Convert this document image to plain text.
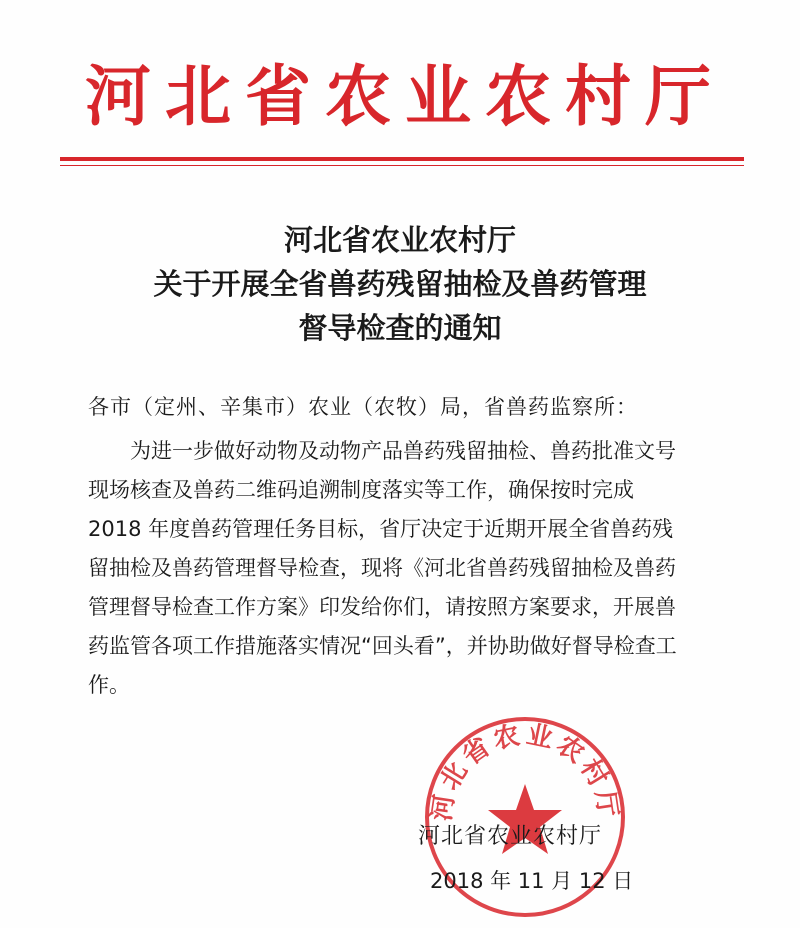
河北省农业农村厅
河北省农业农村厅
关于开展全省兽药残留抽检及兽药管理
督导检查的通知
各市（定州、辛集市）农业（农牧）局，省兽药监察所：
　　为进一步做好动物及动物产品兽药残留抽检、兽药批准文号
现场核查及兽药二维码追溯制度落实等工作，确保按时完成
2018 年度兽药管理任务目标，省厅决定于近期开展全省兽药残
留抽检及兽药管理督导检查，现将《河北省兽药残留抽检及兽药
管理督导检查工作方案》印发给你们，请按照方案要求，开展兽
药监管各项工作措施落实情况“回头看”，并协助做好督导检查工
作。
河北省农业农村厅
河北省农业农村厅
2018 年 11 月 12 日
